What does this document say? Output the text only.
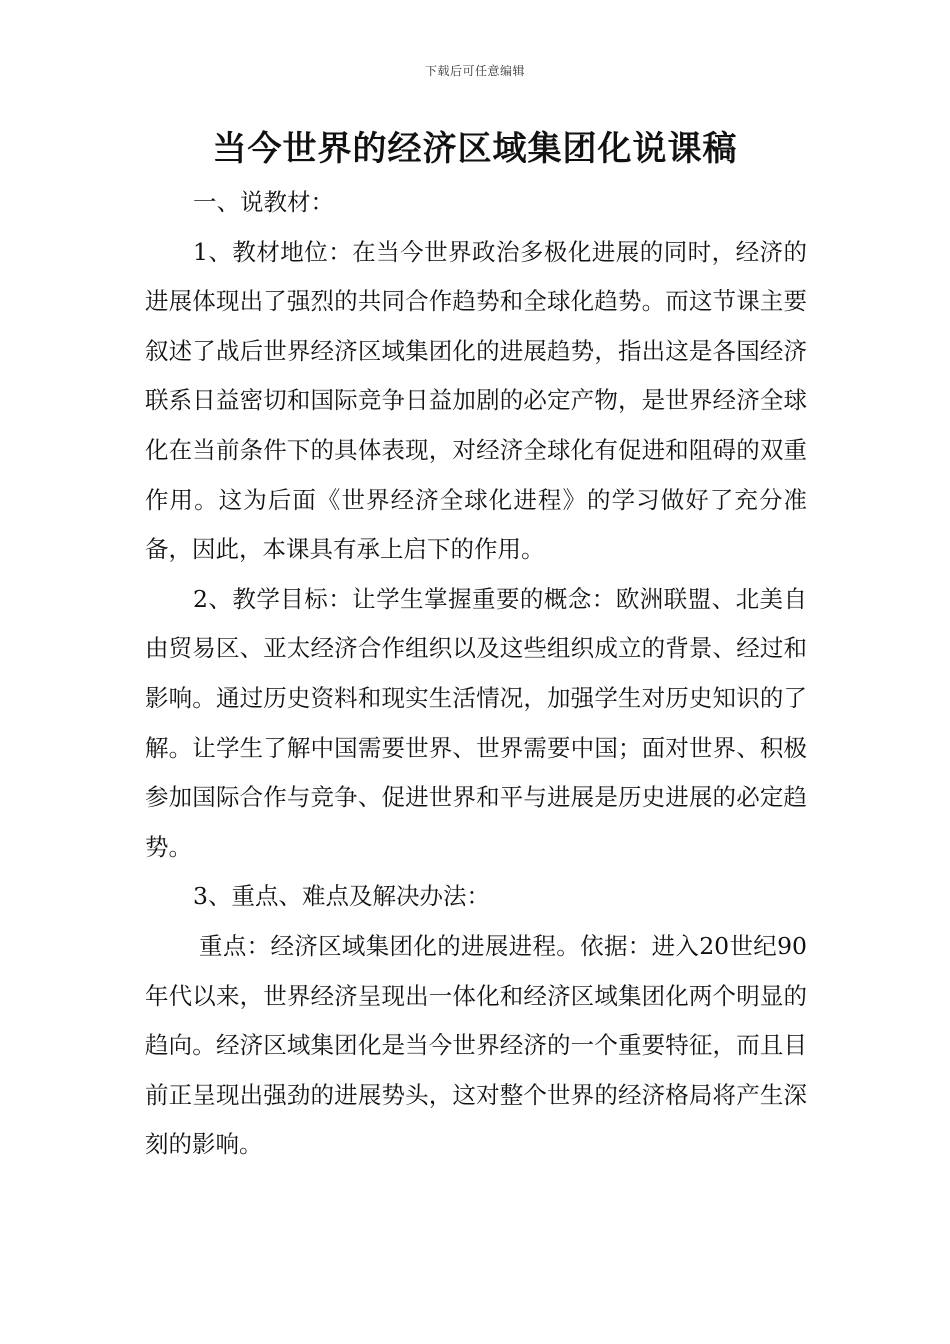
下载后可任意编辑
当今世界的经济区域集团化说课稿

一、说教材：

1、教材地位：在当今世界政治多极化进展的同时，经济的进展体现出了强烈的共同合作趋势和全球化趋势。而这节课主要叙述了战后世界经济区域集团化的进展趋势，指出这是各国经济联系日益密切和国际竞争日益加剧的必定产物，是世界经济全球化在当前条件下的具体表现，对经济全球化有促进和阻碍的双重作用。这为后面《世界经济全球化进程》的学习做好了充分准备，因此，本课具有承上启下的作用。

2、教学目标：让学生掌握重要的概念：欧洲联盟、北美自由贸易区、亚太经济合作组织以及这些组织成立的背景、经过和影响。通过历史资料和现实生活情况，加强学生对历史知识的了解。让学生了解中国需要世界、世界需要中国；面对世界、积极参加国际合作与竞争、促进世界和平与进展是历史进展的必定趋势。

3、重点、难点及解决办法：

重点：经济区域集团化的进展进程。依据：进入20世纪90年代以来，世界经济呈现出一体化和经济区域集团化两个明显的趋向。经济区域集团化是当今世界经济的一个重要特征，而且目前正呈现出强劲的进展势头，这对整个世界的经济格局将产生深刻的影响。
